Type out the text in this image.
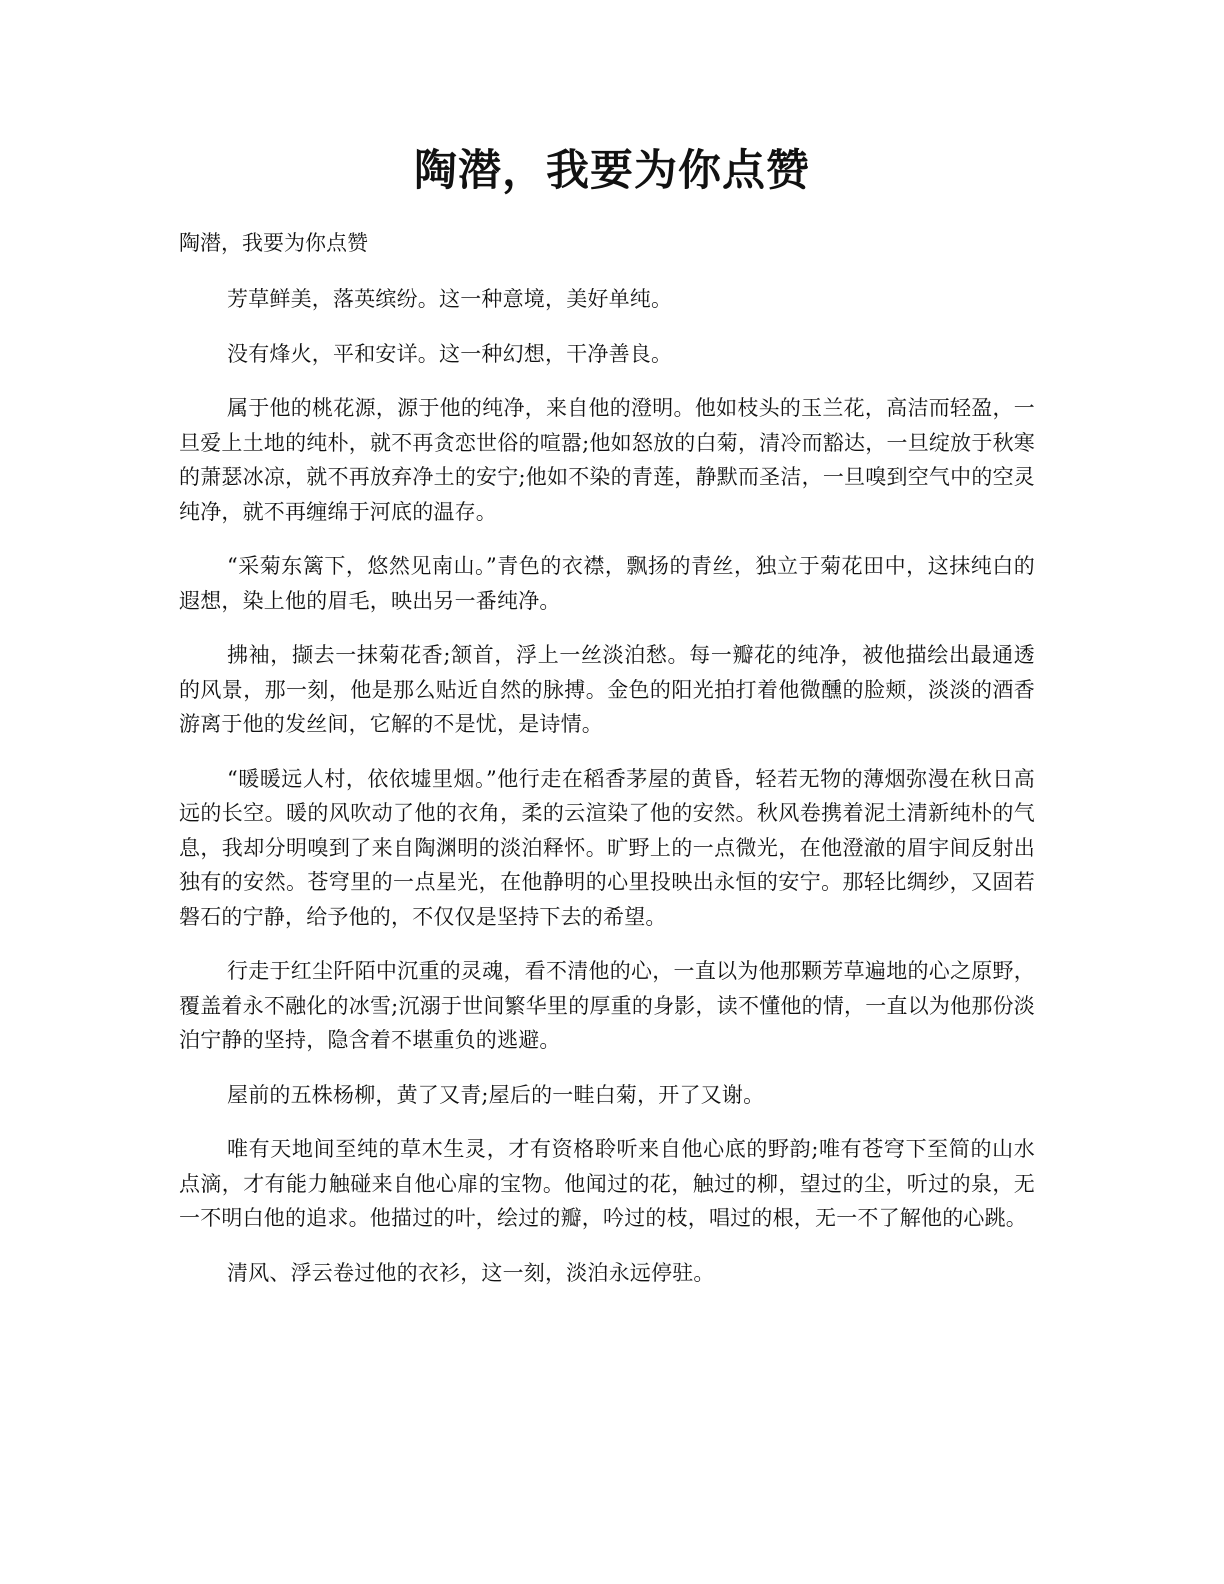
陶潜，我要为你点赞

陶潜，我要为你点赞

芳草鲜美，落英缤纷。这一种意境，美好单纯。

没有烽火，平和安详。这一种幻想，干净善良。

属于他的桃花源，源于他的纯净，来自他的澄明。他如枝头的玉兰花，高洁而轻盈，一旦爱上土地的纯朴，就不再贪恋世俗的喧嚣;他如怒放的白菊，清冷而豁达，一旦绽放于秋寒的萧瑟冰凉，就不再放弃净土的安宁;他如不染的青莲，静默而圣洁，一旦嗅到空气中的空灵纯净，就不再缠绵于河底的温存。

“采菊东篱下，悠然见南山。”青色的衣襟，飘扬的青丝，独立于菊花田中，这抹纯白的遐想，染上他的眉毛，映出另一番纯净。

拂袖，撷去一抹菊花香;颔首，浮上一丝淡泊愁。每一瓣花的纯净，被他描绘出最通透的风景，那一刻，他是那么贴近自然的脉搏。金色的阳光拍打着他微醺的脸颊，淡淡的酒香游离于他的发丝间，它解的不是忧，是诗情。

“暖暖远人村，依依墟里烟。”他行走在稻香茅屋的黄昏，轻若无物的薄烟弥漫在秋日高远的长空。暖的风吹动了他的衣角，柔的云渲染了他的安然。秋风卷携着泥土清新纯朴的气息，我却分明嗅到了来自陶渊明的淡泊释怀。旷野上的一点微光，在他澄澈的眉宇间反射出独有的安然。苍穹里的一点星光，在他静明的心里投映出永恒的安宁。那轻比绸纱，又固若磐石的宁静，给予他的，不仅仅是坚持下去的希望。

行走于红尘阡陌中沉重的灵魂，看不清他的心，一直以为他那颗芳草遍地的心之原野，覆盖着永不融化的冰雪;沉溺于世间繁华里的厚重的身影，读不懂他的情，一直以为他那份淡泊宁静的坚持，隐含着不堪重负的逃避。

屋前的五株杨柳，黄了又青;屋后的一畦白菊，开了又谢。

唯有天地间至纯的草木生灵，才有资格聆听来自他心底的野韵;唯有苍穹下至简的山水点滴，才有能力触碰来自他心扉的宝物。他闻过的花，触过的柳，望过的尘，听过的泉，无一不明白他的追求。他描过的叶，绘过的瓣，吟过的枝，唱过的根，无一不了解他的心跳。

清风、浮云卷过他的衣衫，这一刻，淡泊永远停驻。
